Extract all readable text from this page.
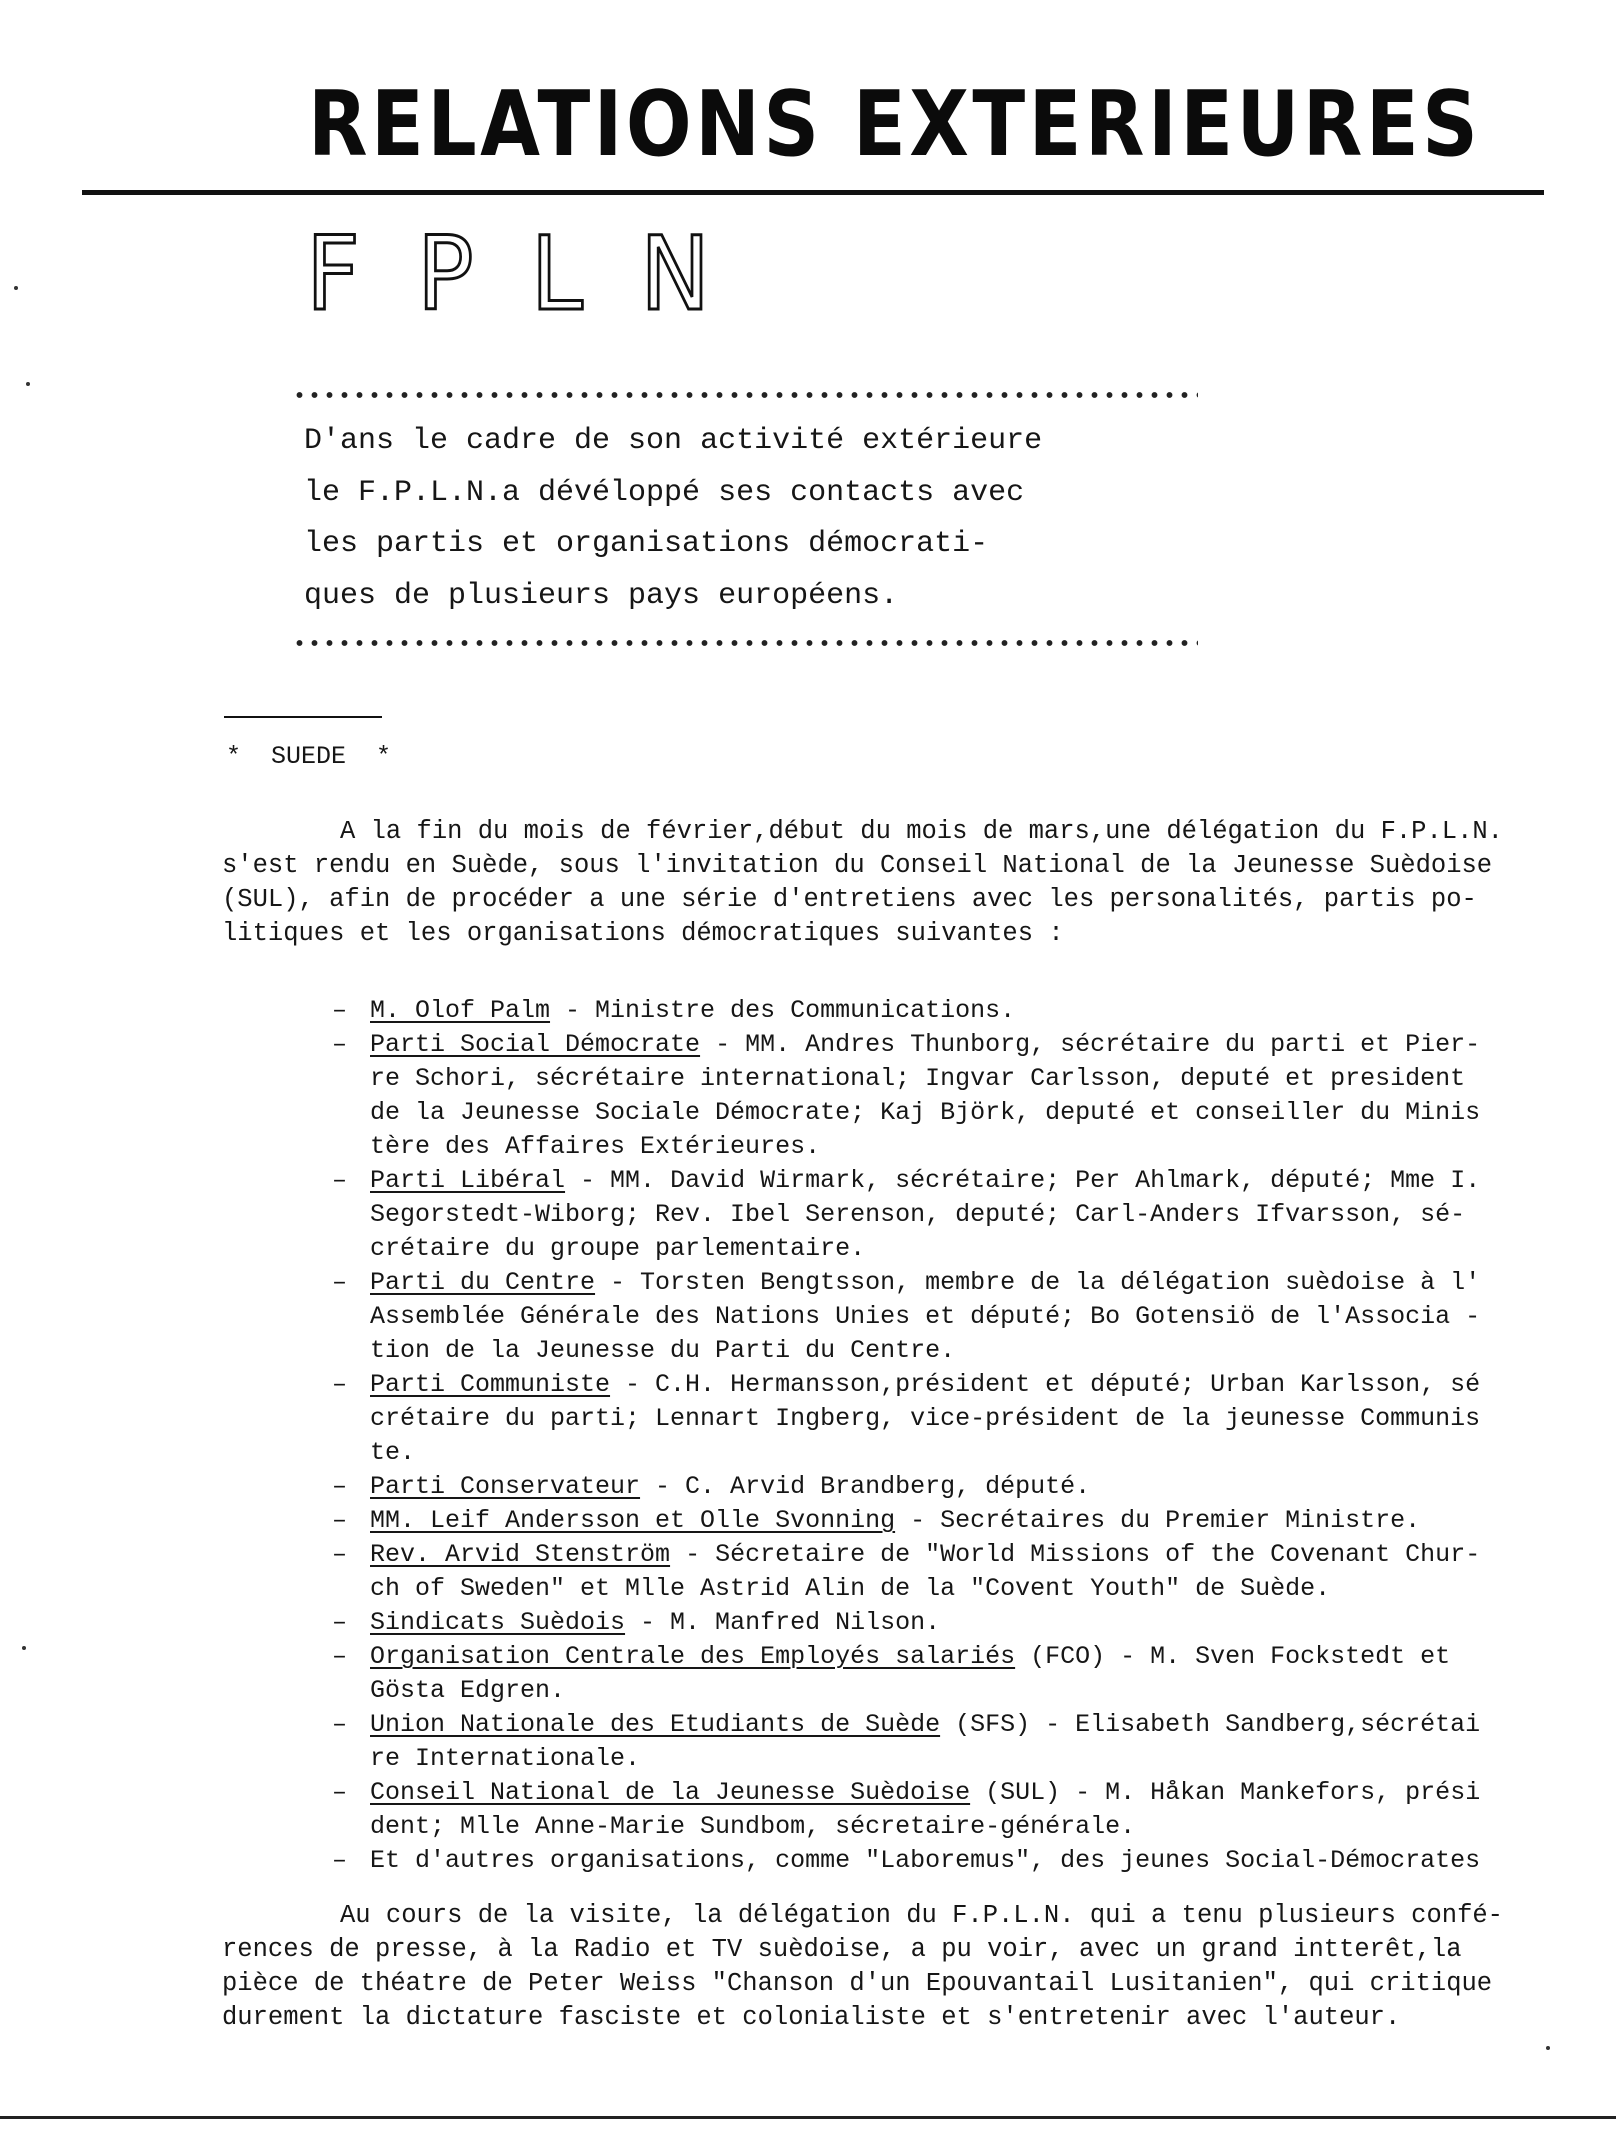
RELATIONS EXTERIEURES
FPLN

D'ans le cadre de son activité extérieure

le F.P.L.N.a dévéloppé ses contacts avec

les partis et organisations démocrati-

ques de plusieurs pays européens.

*  SUEDE  *

A la fin du mois de février,début du mois de mars,une délégation du F.P.L.N.

s'est rendu en Suède, sous l'invitation du Conseil National de la Jeunesse Suèdoise

(SUL), afin de procéder a une série d'entretiens avec les personalités, partis po-

litiques et les organisations démocratiques suivantes :

– M. Olof Palm - Ministre des Communications.
– Parti Social Démocrate - MM. Andres Thunborg, sécrétaire du parti et Pier-
re Schori, sécrétaire international; Ingvar Carlsson, deputé et president
de la Jeunesse Sociale Démocrate; Kaj Björk, deputé et conseiller du Minis
tère des Affaires Extérieures.
– Parti Libéral - MM. David Wirmark, sécrétaire; Per Ahlmark, député; Mme I.
Segorstedt-Wiborg; Rev. Ibel Serenson, deputé; Carl-Anders Ifvarsson, sé-
crétaire du groupe parlementaire.
– Parti du Centre - Torsten Bengtsson, membre de la délégation suèdoise à l'
Assemblée Générale des Nations Unies et député; Bo Gotensiö de l'Associa -
tion de la Jeunesse du Parti du Centre.
– Parti Communiste - C.H. Hermansson,président et député; Urban Karlsson, sé
crétaire du parti; Lennart Ingberg, vice-président de la jeunesse Communis
te.
– Parti Conservateur - C. Arvid Brandberg, député.
– MM. Leif Andersson et Olle Svonning - Secrétaires du Premier Ministre.
– Rev. Arvid Stenström - Sécretaire de "World Missions of the Covenant Chur-
ch of Sweden" et Mlle Astrid Alin de la "Covent Youth" de Suède.
– Sindicats Suèdois - M. Manfred Nilson.
– Organisation Centrale des Employés salariés (FCO) - M. Sven Fockstedt et
Gösta Edgren.
– Union Nationale des Etudiants de Suède (SFS) - Elisabeth Sandberg,sécrétai
re Internationale.
– Conseil National de la Jeunesse Suèdoise (SUL) - M. Håkan Mankefors, prési
dent; Mlle Anne-Marie Sundbom, sécretaire-générale.
– Et d'autres organisations, comme "Laboremus", des jeunes Social-Démocrates

Au cours de la visite, la délégation du F.P.L.N. qui a tenu plusieurs confé-

rences de presse, à la Radio et TV suèdoise, a pu voir, avec un grand intterêt,la

pièce de théatre de Peter Weiss "Chanson d'un Epouvantail Lusitanien", qui critique

durement la dictature fasciste et colonialiste et s'entretenir avec l'auteur.
